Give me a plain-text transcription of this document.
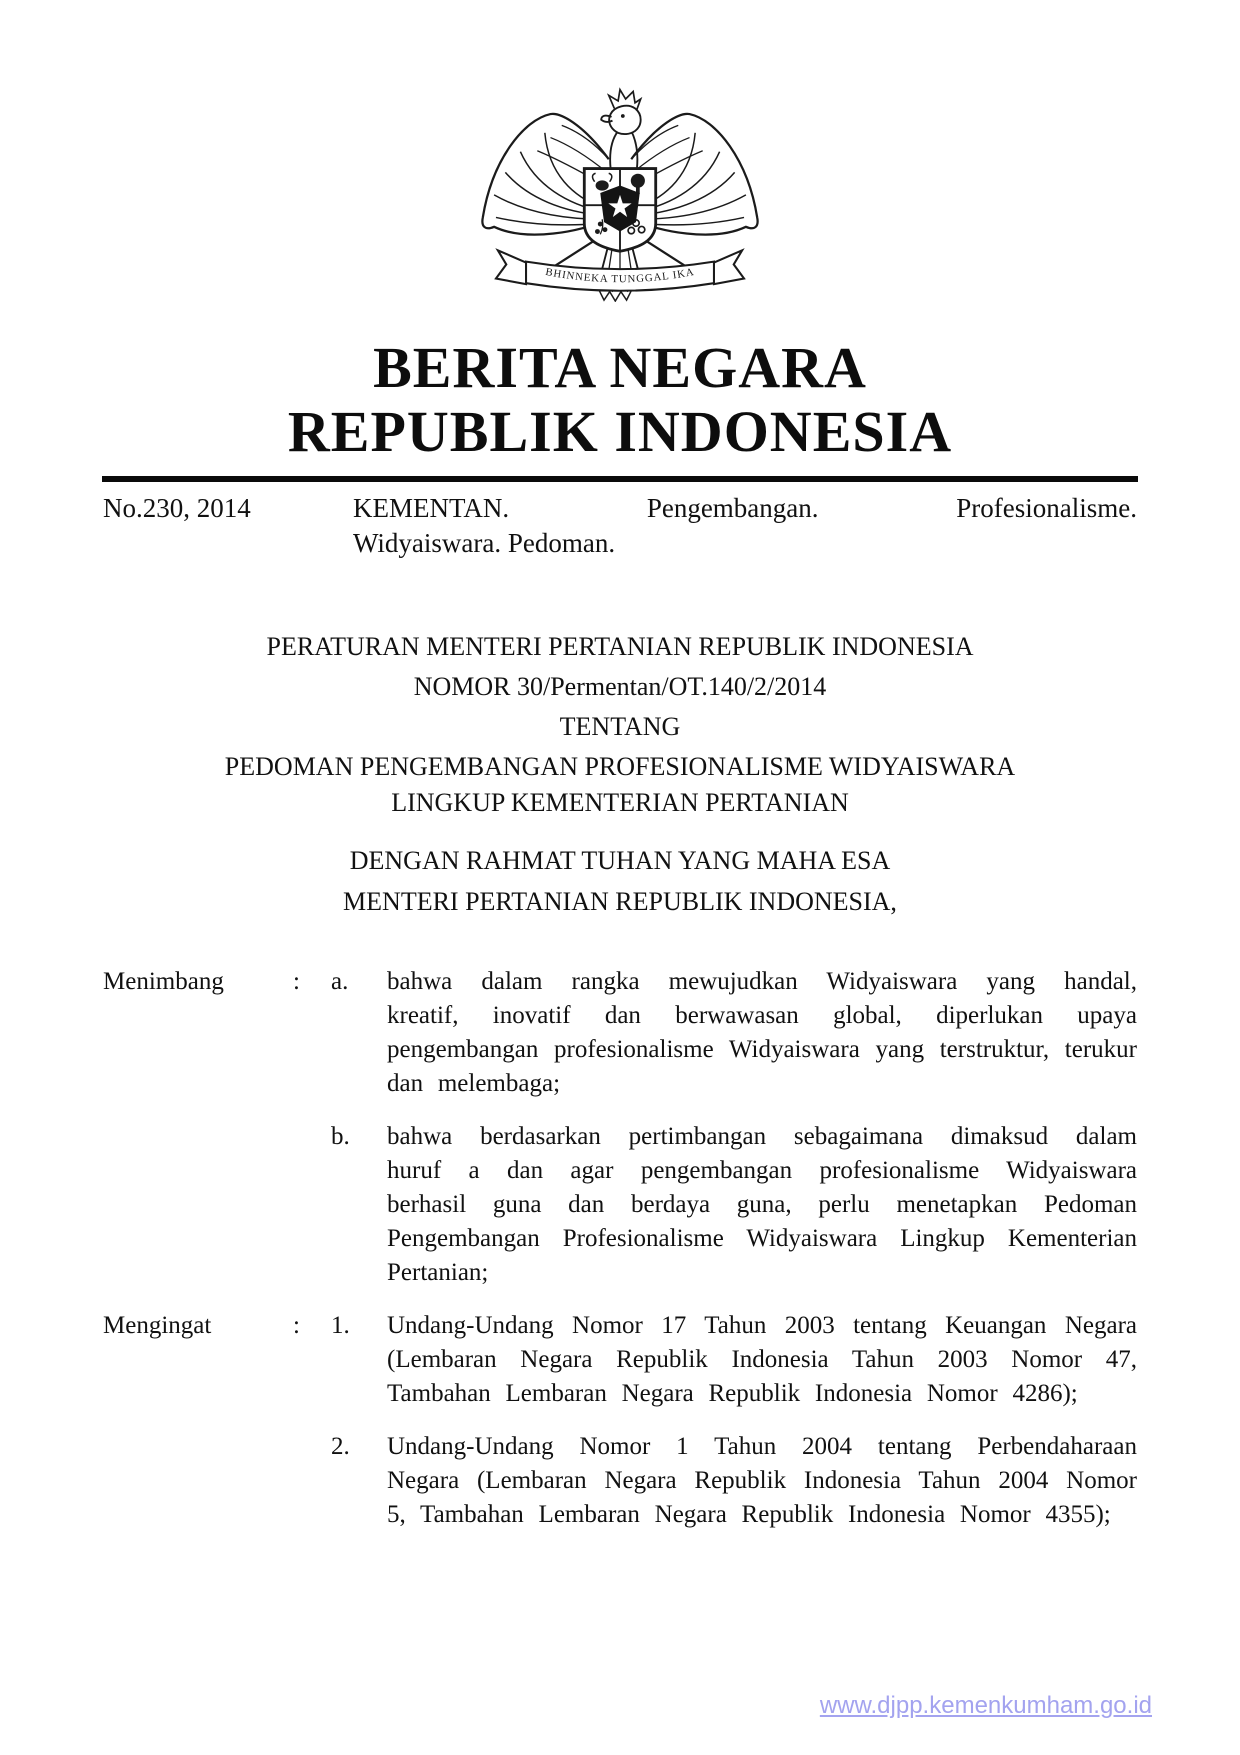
BHINNEKA TUNGGAL IKA
BERITA NEGARA
REPUBLIK INDONESIA
No.230, 2014	KEMENTAN.	Pengembangan.	Profesionalisme.
Widyaiswara. Pedoman.
PERATURAN MENTERI PERTANIAN REPUBLIK INDONESIA
NOMOR 30/Permentan/OT.140/2/2014
TENTANG
PEDOMAN PENGEMBANGAN PROFESIONALISME WIDYAISWARA
LINGKUP KEMENTERIAN PERTANIAN
DENGAN RAHMAT TUHAN YANG MAHA ESA
MENTERI PERTANIAN REPUBLIK INDONESIA,
Menimbang	:	a.	bahwa dalam rangka mewujudkan Widyaiswara yang handal, kreatif, inovatif dan berwawasan global, diperlukan upaya pengembangan profesionalisme Widyaiswara yang terstruktur, terukur dan melembaga;
b.	bahwa berdasarkan pertimbangan sebagaimana dimaksud dalam huruf a dan agar pengembangan profesionalisme Widyaiswara berhasil guna dan berdaya guna, perlu menetapkan Pedoman Pengembangan Profesionalisme Widyaiswara Lingkup Kementerian Pertanian;
Mengingat	:	1.	Undang-Undang Nomor 17 Tahun 2003 tentang Keuangan Negara (Lembaran Negara Republik Indonesia Tahun 2003 Nomor 47, Tambahan Lembaran Negara Republik Indonesia Nomor 4286);
2.	Undang-Undang Nomor 1 Tahun 2004 tentang Perbendaharaan Negara (Lembaran Negara Republik Indonesia Tahun 2004 Nomor 5, Tambahan Lembaran Negara Republik Indonesia Nomor 4355);
www.djpp.kemenkumham.go.id
